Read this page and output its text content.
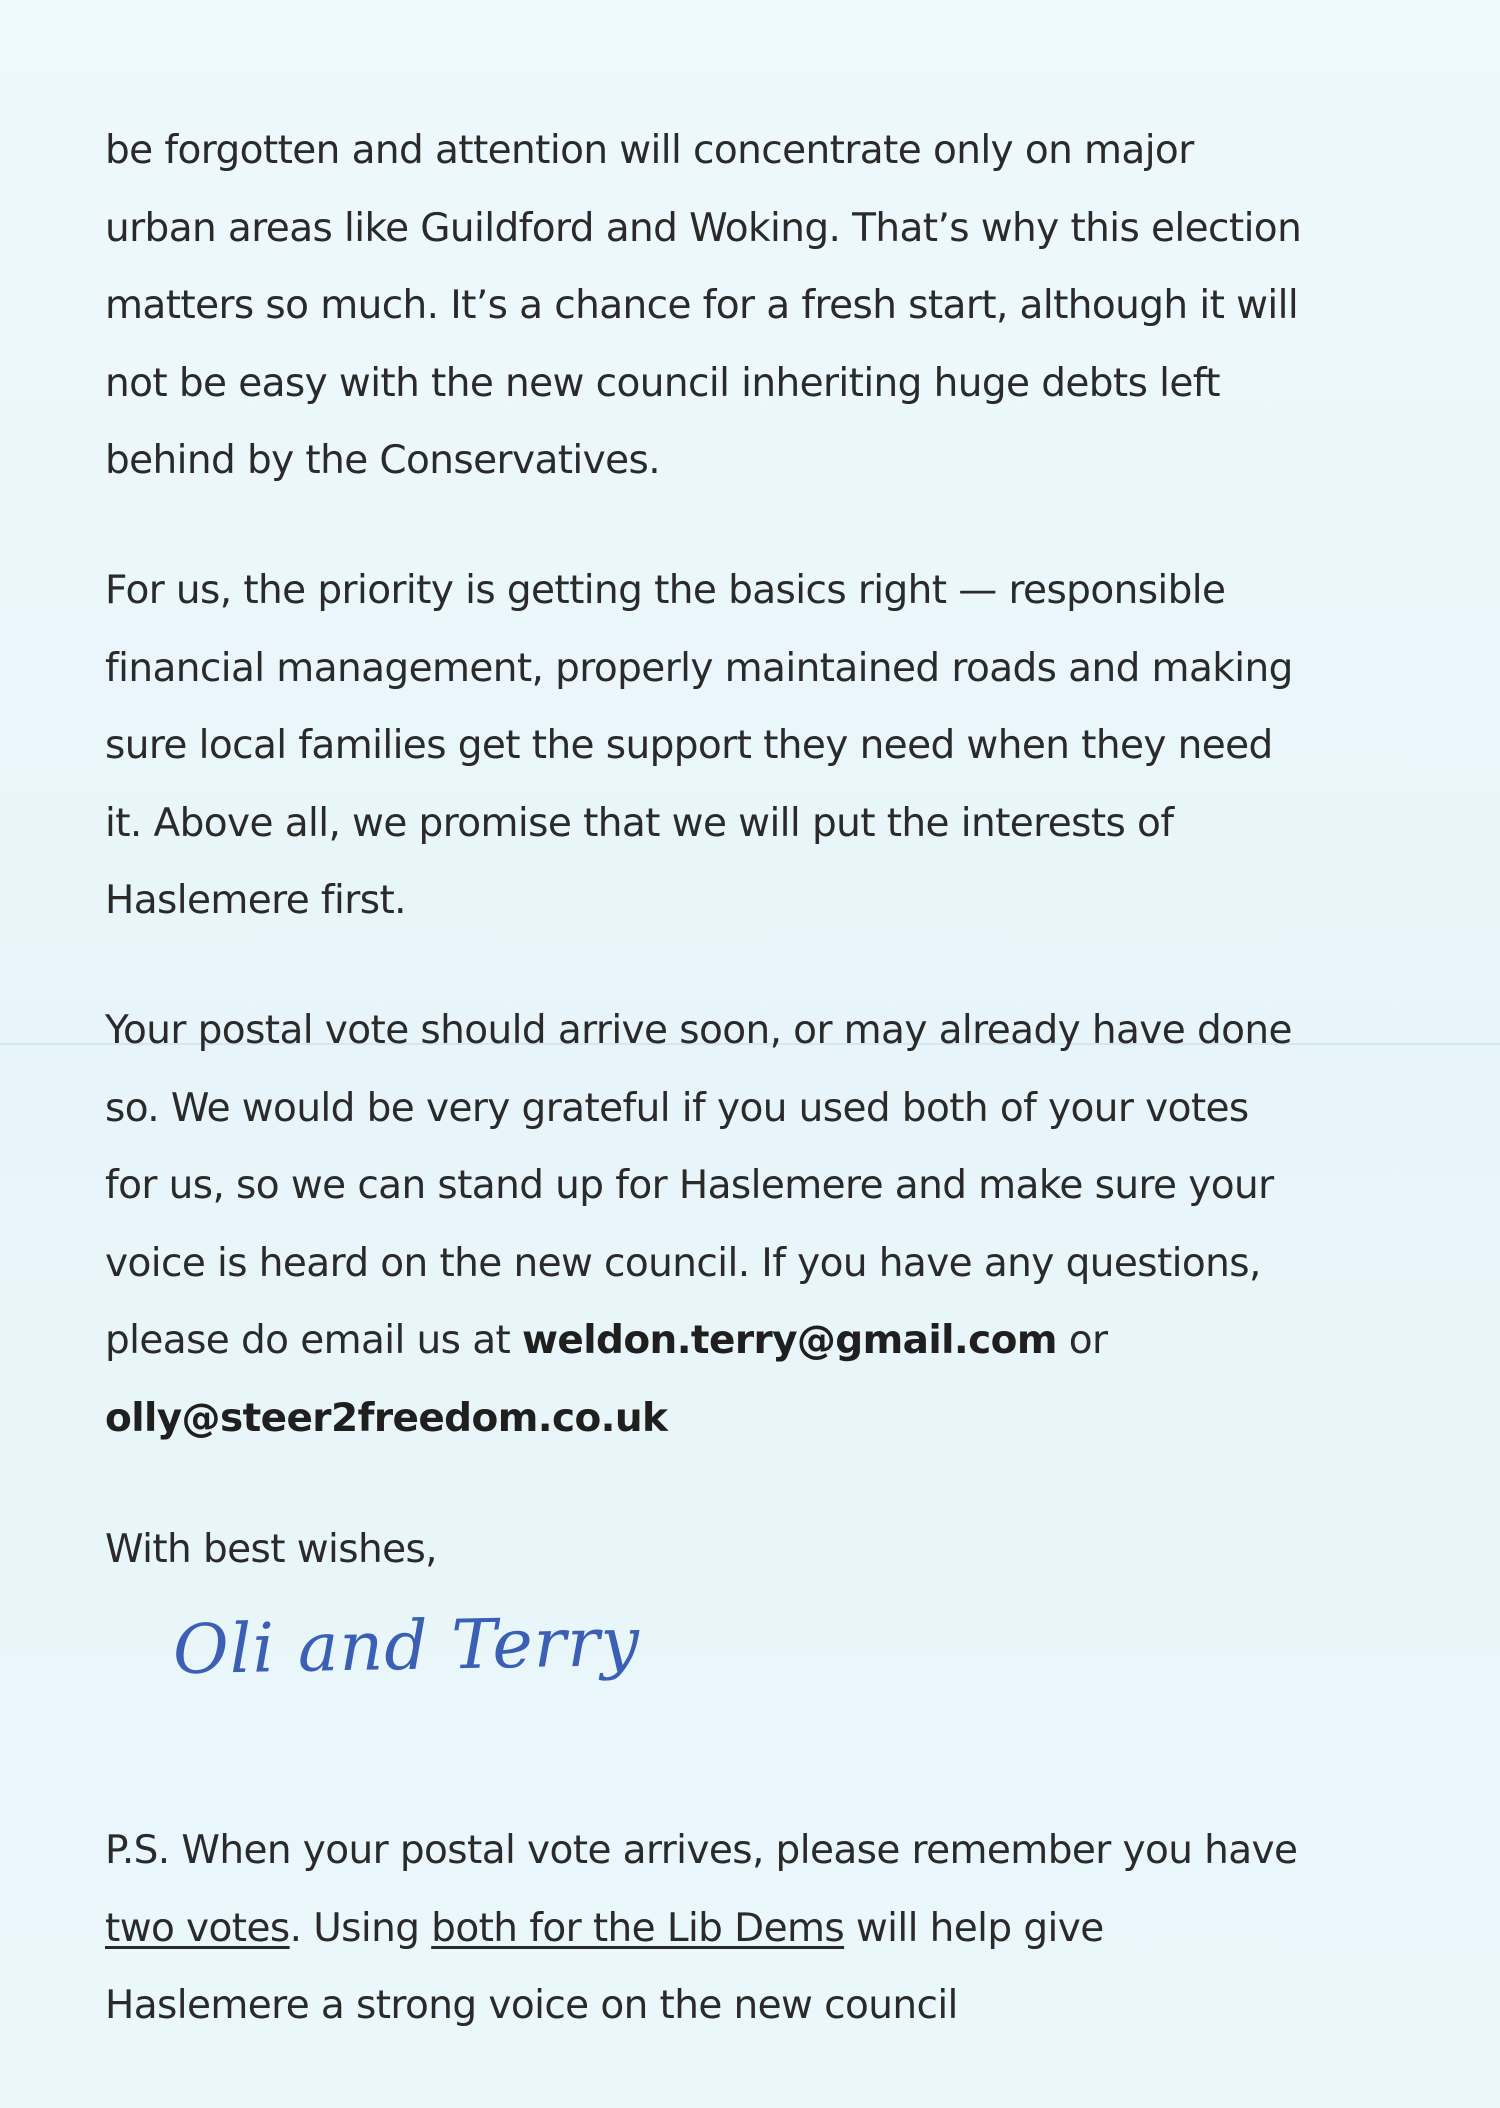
be forgotten and attention will concentrate only on major
urban areas like Guildford and Woking. That’s why this election
matters so much. It’s a chance for a fresh start, although it will
not be easy with the new council inheriting huge debts left
behind by the Conservatives.

For us, the priority is getting the basics right — responsible
financial management, properly maintained roads and making
sure local families get the support they need when they need
it. Above all, we promise that we will put the interests of
Haslemere first.

Your postal vote should arrive soon, or may already have done
so. We would be very grateful if you used both of your votes
for us, so we can stand up for Haslemere and make sure your
voice is heard on the new council. If you have any questions,
please do email us at weldon.terry@gmail.com or
olly@steer2freedom.co.uk

With best wishes,

Oli and Terry

P.S. When your postal vote arrives, please remember you have
two votes. Using both for the Lib Dems will help give
Haslemere a strong voice on the new council
